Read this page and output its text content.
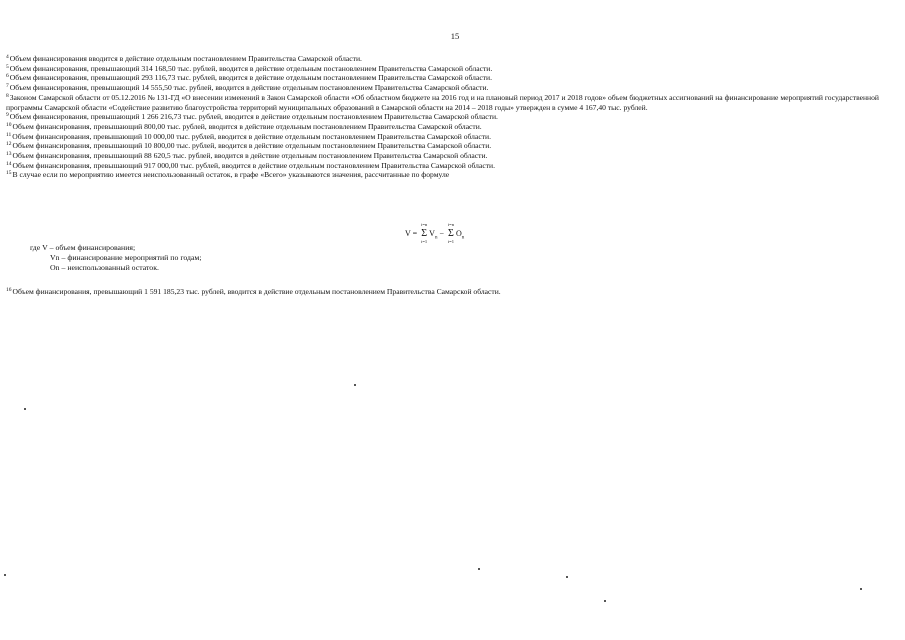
15

$^4$Объем финансирования вводится в действие отдельным постановлением Правительства Самарской области.

$^5$Объем финансирования, превышающий 314 168,50 тыс. рублей, вводится в действие отдельным постановлением Правительства Самарской области.

$^6$Объем финансирования, превышающий 293 116,73 тыс. рублей, вводится в действие отдельным постановлением Правительства Самарской области.

$^7$Объем финансирования, превышающий 14 555,50 тыс. рублей, вводится в действие отдельным постановлением Правительства Самарской области.

$^8$Законом Самарской области от 05.12.2016 № 131-ГД «О внесении изменений в Закон Самарской области «Об областном бюджете на 2016 год и на плановый период 2017 и 2018 годов» объем бюджетных ассигнований на финансирование мероприятий государственной программы Самарской области «Содействие развитию благоустройства территорий муниципальных образований в Самарской области на 2014 – 2018 годы» утвержден в сумме 4 167,40 тыс. рублей.

$^9$Объем финансирования, превышающий 1 266 216,73 тыс. рублей, вводится в действие отдельным постановлением Правительства Самарской области.

$^{10}$Объем финансирования, превышающий 800,00 тыс. рублей, вводится в действие отдельным постановлением Правительства Самарской области.

$^{11}$Объем финансирования, превышающий 10 000,00 тыс. рублей, вводится в действие отдельным постановлением Правительства Самарской области.

$^{12}$Объем финансирования, превышающий 10 800,00 тыс. рублей, вводится в действие отдельным постановлением Правительства Самарской области.

$^{13}$Объем финансирования, превышающий 88 620,5 тыс. рублей, вводится в действие отдельным постановлением Правительства Самарской области.

$^{14}$Объем финансирования, превышающий 917 000,00 тыс. рублей, вводится в действие отдельным постановлением Правительства Самарской области.

$^{15}$В случае если по мероприятию имеется неиспользованный остаток, в графе «Всего» указываются значения, рассчитанные по формуле

V =
i=n
Σ
i=1
$V_n$ −
i=n
Σ
i=1
$O_n$
где V – объем финансирования;
Vn – финансирование мероприятий по годам;
On – неиспользованный остаток.
$^{16}$Объем финансирования, превышающий 1 591 185,23 тыс. рублей, вводится в действие отдельным постановлением Правительства Самарской области.
